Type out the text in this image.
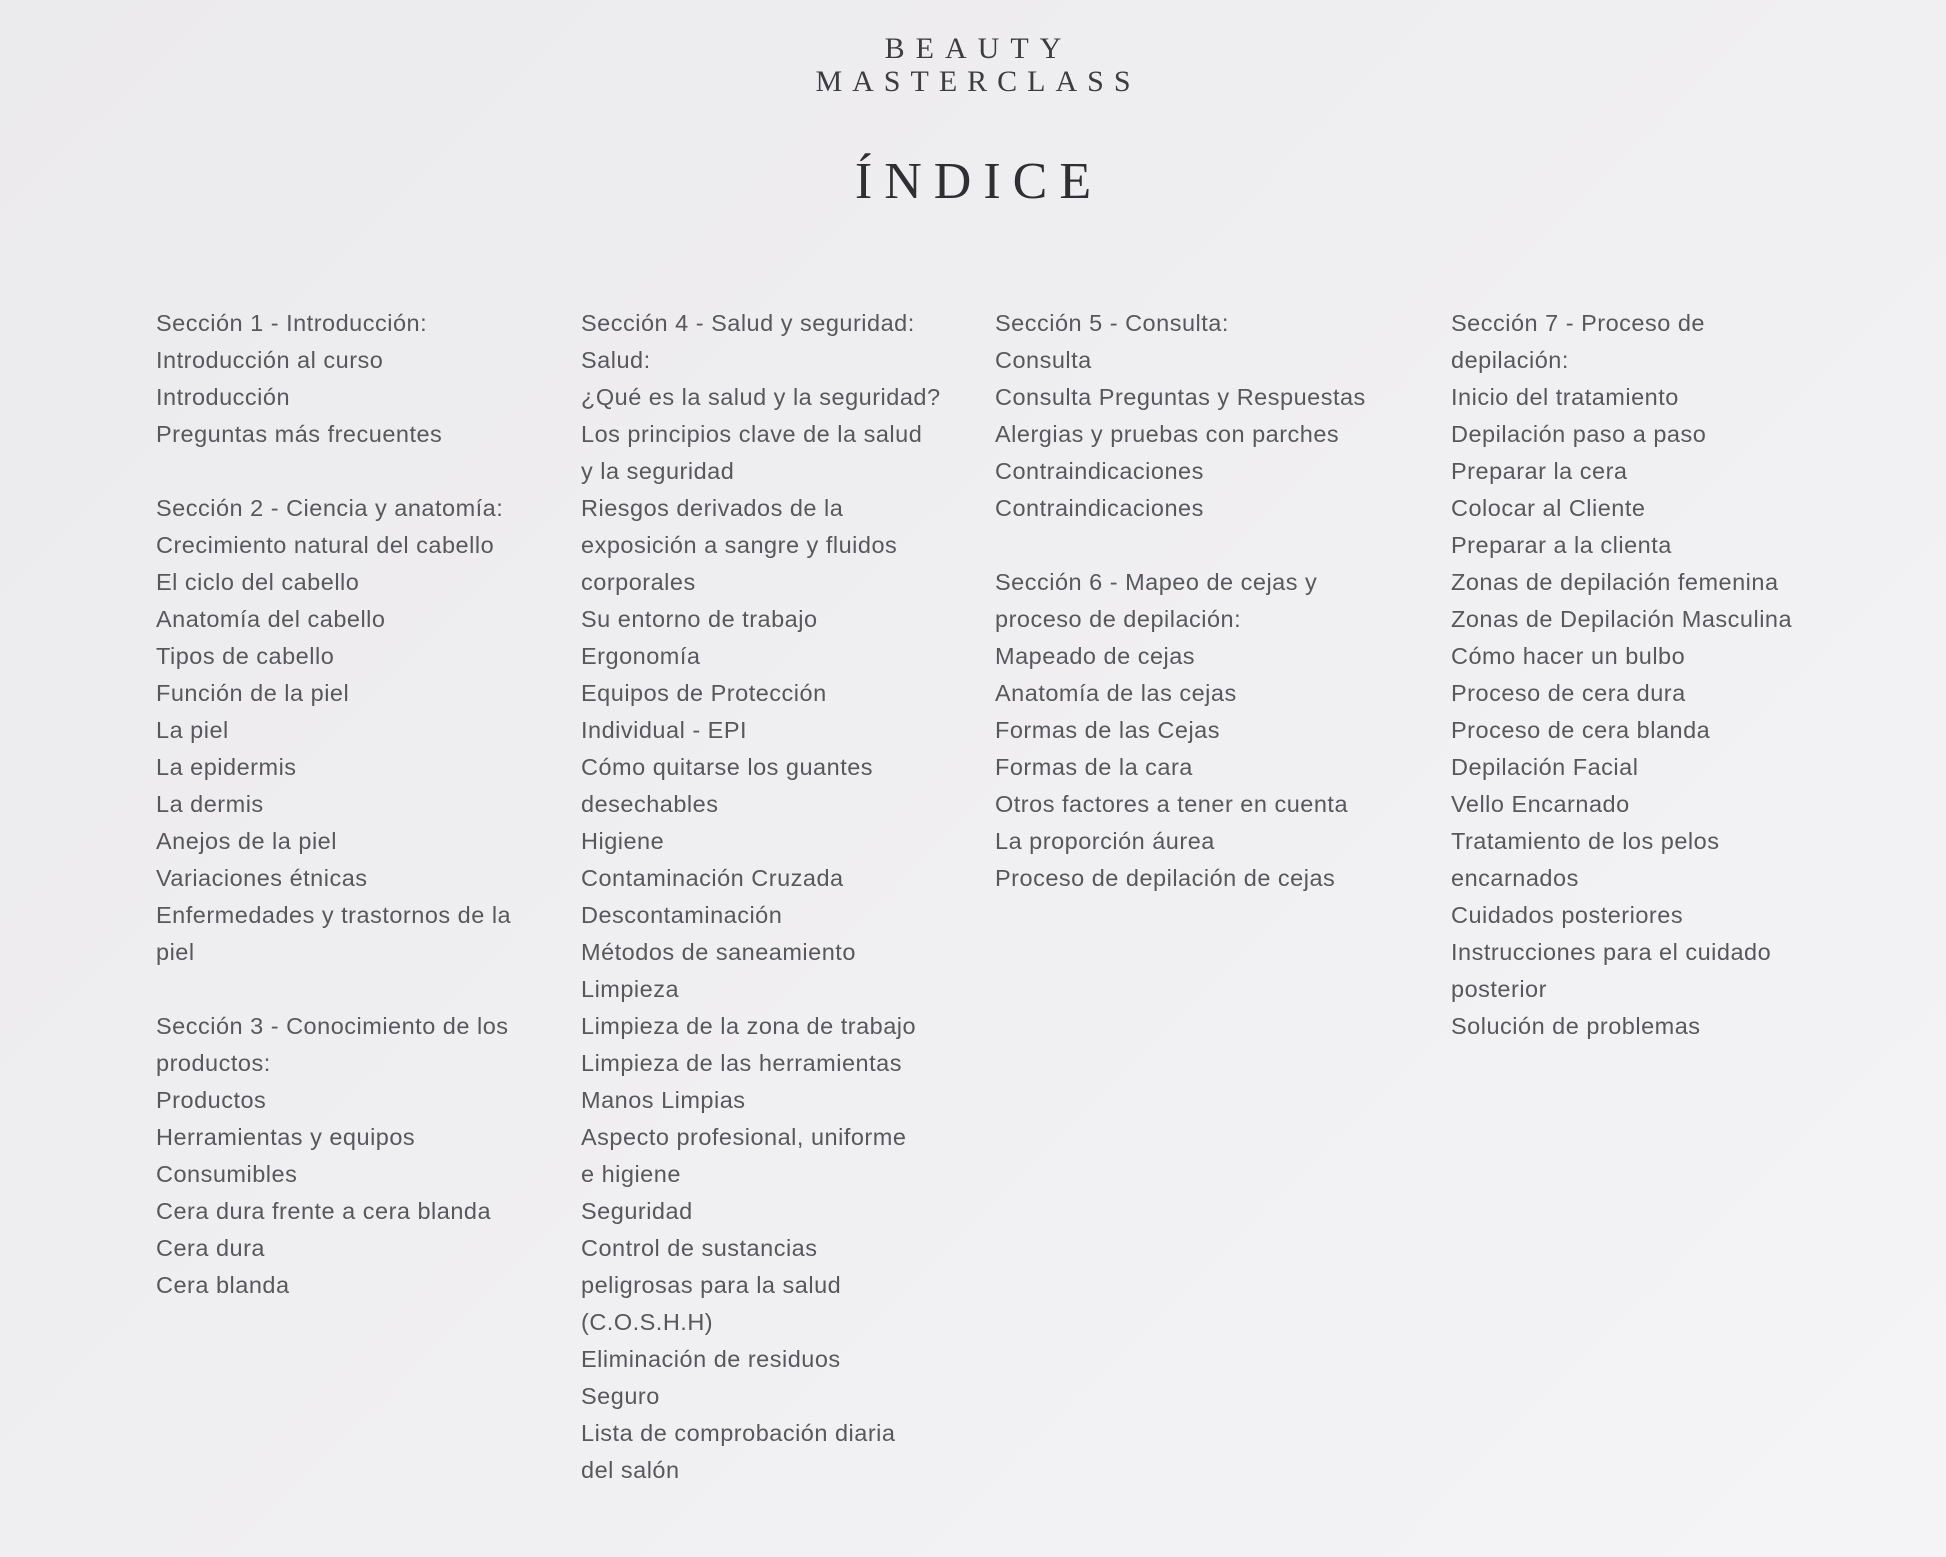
BEAUTY
MASTERCLASS
ÍNDICE
Sección 1 - Introducción:
Introducción al curso
Introducción
Preguntas más frecuentes
Sección 2 - Ciencia y anatomía:
Crecimiento natural del cabello
El ciclo del cabello
Anatomía del cabello
Tipos de cabello
Función de la piel
La piel
La epidermis
La dermis
Anejos de la piel
Variaciones étnicas
Enfermedades y trastornos de la
piel
Sección 3 - Conocimiento de los
productos:
Productos
Herramientas y equipos
Consumibles
Cera dura frente a cera blanda
Cera dura
Cera blanda
Sección 4 - Salud y seguridad:
Salud:
¿Qué es la salud y la seguridad?
Los principios clave de la salud
y la seguridad
Riesgos derivados de la
exposición a sangre y fluidos
corporales
Su entorno de trabajo
Ergonomía
Equipos de Protección
Individual - EPI
Cómo quitarse los guantes
desechables
Higiene
Contaminación Cruzada
Descontaminación
Métodos de saneamiento
Limpieza
Limpieza de la zona de trabajo
Limpieza de las herramientas
Manos Limpias
Aspecto profesional, uniforme
e higiene
Seguridad
Control de sustancias
peligrosas para la salud
(C.O.S.H.H)
Eliminación de residuos
Seguro
Lista de comprobación diaria
del salón
Sección 5 - Consulta:
Consulta
Consulta Preguntas y Respuestas
Alergias y pruebas con parches
Contraindicaciones
Contraindicaciones
Sección 6 - Mapeo de cejas y
proceso de depilación:
Mapeado de cejas
Anatomía de las cejas
Formas de las Cejas
Formas de la cara
Otros factores a tener en cuenta
La proporción áurea
Proceso de depilación de cejas
Sección 7 - Proceso de
depilación:
Inicio del tratamiento
Depilación paso a paso
Preparar la cera
Colocar al Cliente
Preparar a la clienta
Zonas de depilación femenina
Zonas de Depilación Masculina
Cómo hacer un bulbo
Proceso de cera dura
Proceso de cera blanda
Depilación Facial
Vello Encarnado
Tratamiento de los pelos
encarnados
Cuidados posteriores
Instrucciones para el cuidado
posterior
Solución de problemas
